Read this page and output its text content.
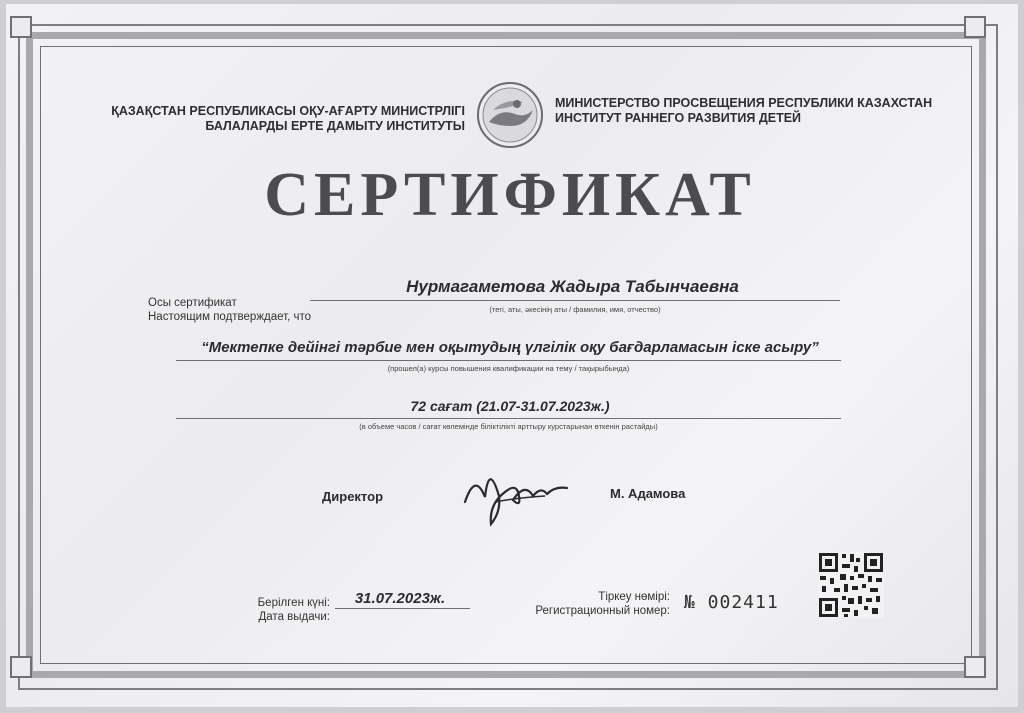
ҚАЗАҚСТАН РЕСПУБЛИКАСЫ ОҚУ-АҒАРТУ МИНИСТРЛІГІ
БАЛАЛАРДЫ ЕРТЕ ДАМЫТУ ИНСТИТУТЫ
МИНИСТЕРСТВО ПРОСВЕЩЕНИЯ РЕСПУБЛИКИ КАЗАХСТАН
ИНСТИТУТ РАННЕГО РАЗВИТИЯ ДЕТЕЙ
СЕРТИФИКАТ
Осы сертификат
Настоящим подтверждает, что
Нурмагаметова Жадыра Табынчаевна
(тегі, аты, әкесінің аты / фамилия, имя, отчество)
“Мектепке дейінгі тәрбие мен оқытудың үлгілік оқу бағдарламасын іске асыру”
(прошел(а) курсы повышения квалификации на тему / тақырыбында)
72 сағат (21.07-31.07.2023ж.)
(в объеме часов / сағат көлемінде біліктілікті арттыру курстарынан өткенін растайды)
Директор	М. Адамова
Берілген күні:
Дата выдачи:
31.07.2023ж.	Тіркеу нөмірі:
Регистрационный номер: № 002411
